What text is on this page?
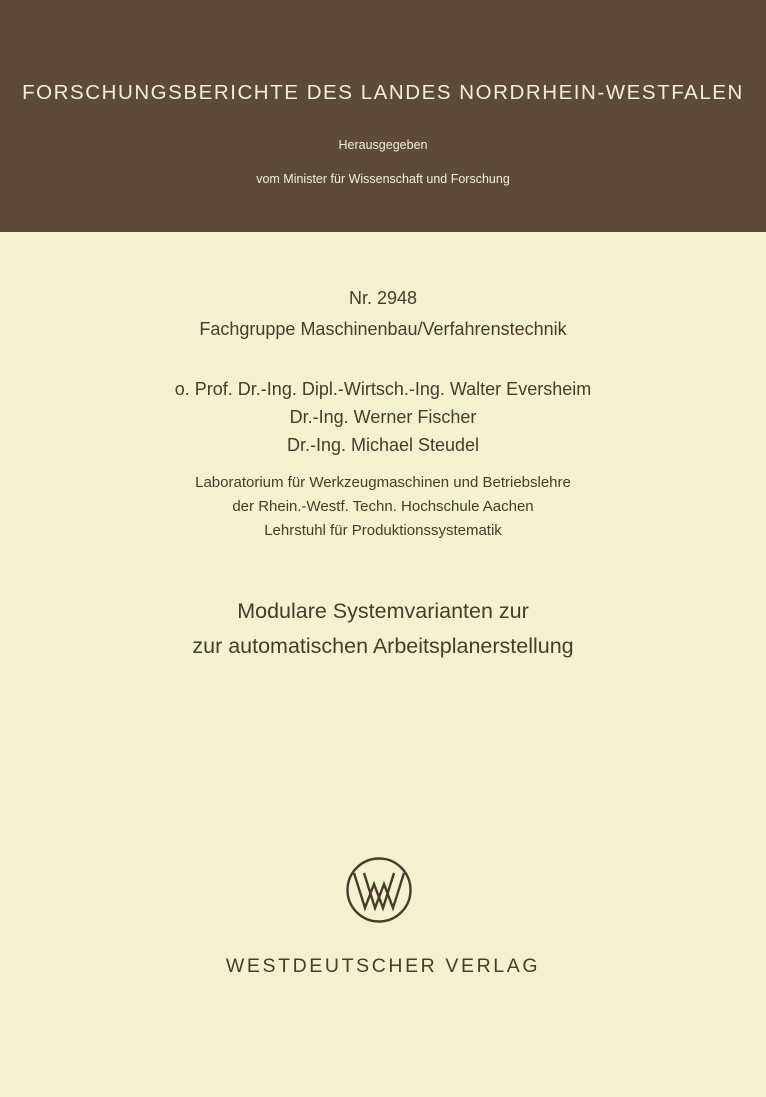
FORSCHUNGSBERICHTE DES LANDES NORDRHEIN-WESTFALEN
Herausgegeben
vom Minister für Wissenschaft und Forschung
Nr. 2948
Fachgruppe Maschinenbau/Verfahrenstechnik
o. Prof. Dr.-Ing. Dipl.-Wirtsch.-Ing. Walter Eversheim
Dr.-Ing. Werner Fischer
Dr.-Ing. Michael Steudel
Laboratorium für Werkzeugmaschinen und Betriebslehre
der Rhein.-Westf. Techn. Hochschule Aachen
Lehrstuhl für Produktionssystematik
Modulare Systemvarianten zur
zur automatischen Arbeitsplanerstellung
WESTDEUTSCHER VERLAG
